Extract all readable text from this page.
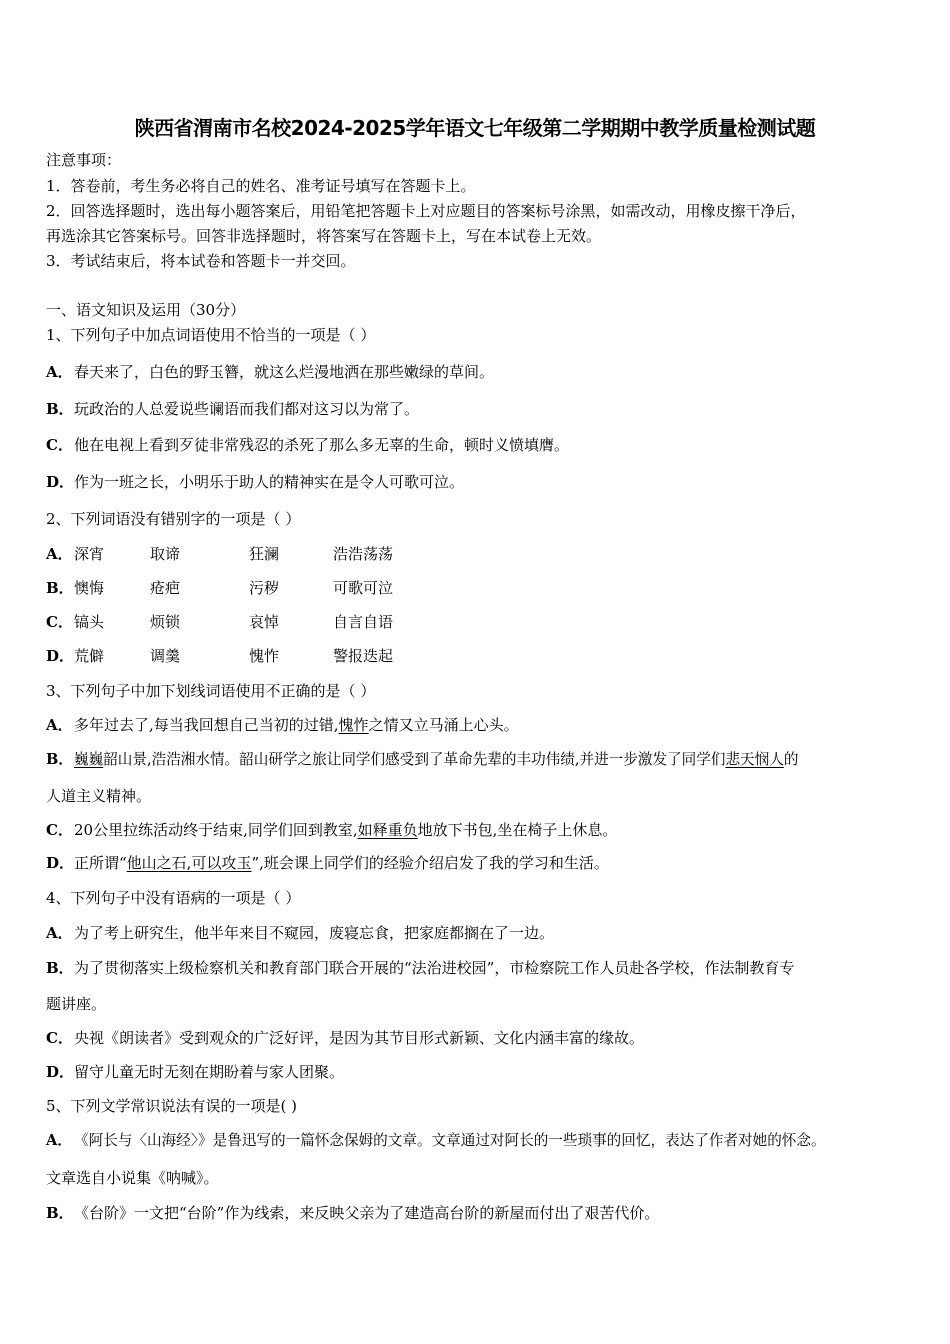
陕西省渭南市名校2024-2025学年语文七年级第二学期期中教学质量检测试题
注意事项：
1．答卷前，考生务必将自己的姓名、准考证号填写在答题卡上。
2．回答选择题时，选出每小题答案后，用铅笔把答题卡上对应题目的答案标号涂黑，如需改动，用橡皮擦干净后，
再选涂其它答案标号。回答非选择题时，将答案写在答题卡上，写在本试卷上无效。
3．考试结束后，将本试卷和答题卡一并交回。
一、语文知识及运用（30分）
1、下列句子中加点词语使用不恰当的一项是（ ）
A．春天来了，白色的野玉簪，就这么烂漫地洒在那些嫩绿的草间。
B．玩政治的人总爱说些谰语而我们都对这习以为常了。
C．他在电视上看到歹徒非常残忍的杀死了那么多无辜的生命，顿时义愤填膺。
D．作为一班之长，小明乐于助人的精神实在是令人可歌可泣。
2、下列词语没有错别字的一项是（ ）
A．深宵	取谛	狂澜	浩浩荡荡
B．懊悔	疮疤	污秽	可歌可泣
C．镐头	烦锁	哀悼	自言自语
D．荒僻	调羹	愧怍	警报迭起
3、下列句子中加下划线词语使用不正确的是（ ）
A．多年过去了,每当我回想自己当初的过错,愧怍之情又立马涌上心头。
B．巍巍韶山景,浩浩湘水情。韶山研学之旅让同学们感受到了革命先辈的丰功伟绩,并进一步激发了同学们悲天悯人的
人道主义精神。
C．20公里拉练活动终于结束,同学们回到教室,如释重负地放下书包,坐在椅子上休息。
D．正所谓“他山之石,可以攻玉”,班会课上同学们的经验介绍启发了我的学习和生活。
4、下列句子中没有语病的一项是（ ）
A．为了考上研究生，他半年来目不窥园，废寝忘食，把家庭都搁在了一边。
B．为了贯彻落实上级检察机关和教育部门联合开展的“法治进校园”，市检察院工作人员赴各学校，作法制教育专
题讲座。
C．央视《朗读者》受到观众的广泛好评，是因为其节目形式新颖、文化内涵丰富的缘故。
D．留守儿童无时无刻在期盼着与家人团聚。
5、下列文学常识说法有误的一项是( )
A． 《阿长与〈山海经〉》是鲁迅写的一篇怀念保姆的文章。文章通过对阿长的一些琐事的回忆，表达了作者对她的怀念。
文章选自小说集《呐喊》。
B．《台阶》一文把“台阶”作为线索，来反映父亲为了建造高台阶的新屋而付出了艰苦代价。
